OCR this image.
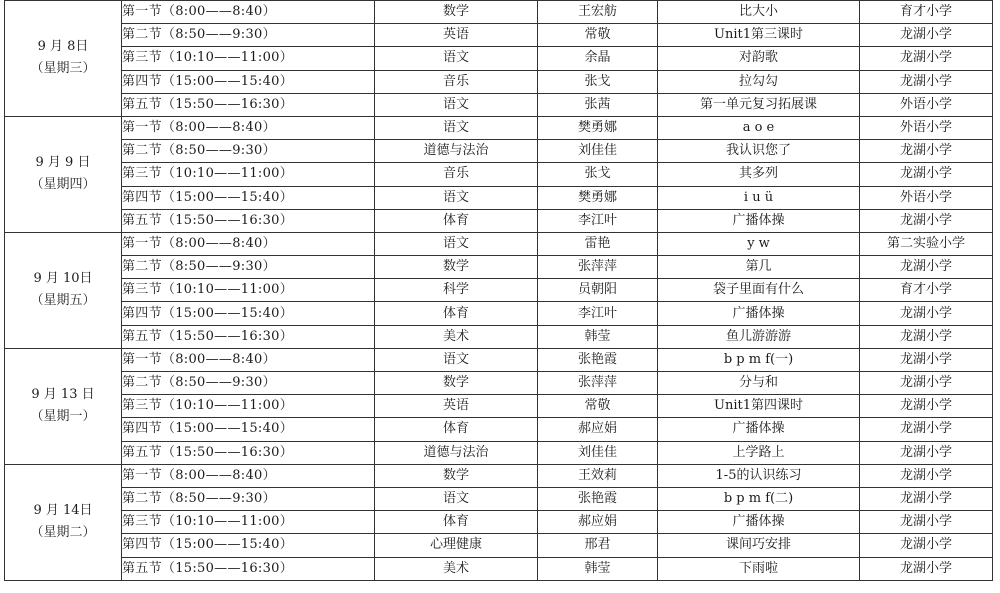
9 月 8日
（星期三）	第一节（8:00——8:40）	数学	王宏舫	比大小	育才小学
	第二节（8:50——9:30）	英语	常敬	Unit1第三课时	龙湖小学
	第三节（10:10——11:00）	语文	余晶	对韵歌	龙湖小学
	第四节（15:00——15:40）	音乐	张戈	拉勾勾	龙湖小学
	第五节（15:50——16:30）	语文	张茜	第一单元复习拓展课	外语小学

9 月 9 日
（星期四）	第一节（8:00——8:40）	语文	樊勇娜	a o e	外语小学
	第二节（8:50——9:30）	道德与法治	刘佳佳	我认识您了	龙湖小学
	第三节（10:10——11:00）	音乐	张戈	其多列	龙湖小学
	第四节（15:00——15:40）	语文	樊勇娜	i u ü	外语小学
	第五节（15:50——16:30）	体育	李江叶	广播体操	龙湖小学

9 月 10日
（星期五）	第一节（8:00——8:40）	语文	雷艳	y w	第二实验小学
	第二节（8:50——9:30）	数学	张萍萍	第几	龙湖小学
	第三节（10:10——11:00）	科学	员朝阳	袋子里面有什么	育才小学
	第四节（15:00——15:40）	体育	李江叶	广播体操	龙湖小学
	第五节（15:50——16:30）	美术	韩莹	鱼儿游游游	龙湖小学

9 月 13 日
（星期一）	第一节（8:00——8:40）	语文	张艳霞	b p m f(一)	龙湖小学
	第二节（8:50——9:30）	数学	张萍萍	分与和	龙湖小学
	第三节（10:10——11:00）	英语	常敬	Unit1第四课时	龙湖小学
	第四节（15:00——15:40）	体育	郝应娟	广播体操	龙湖小学
	第五节（15:50——16:30）	道德与法治	刘佳佳	上学路上	龙湖小学

9 月 14日
（星期二）	第一节（8:00——8:40）	数学	王效莉	1-5的认识练习	龙湖小学
	第二节（8:50——9:30）	语文	张艳霞	b p m f(二)	龙湖小学
	第三节（10:10——11:00）	体育	郝应娟	广播体操	龙湖小学
	第四节（15:00——15:40）	心理健康	邢君	课间巧安排	龙湖小学
	第五节（15:50——16:30）	美术	韩莹	下雨啦	龙湖小学
